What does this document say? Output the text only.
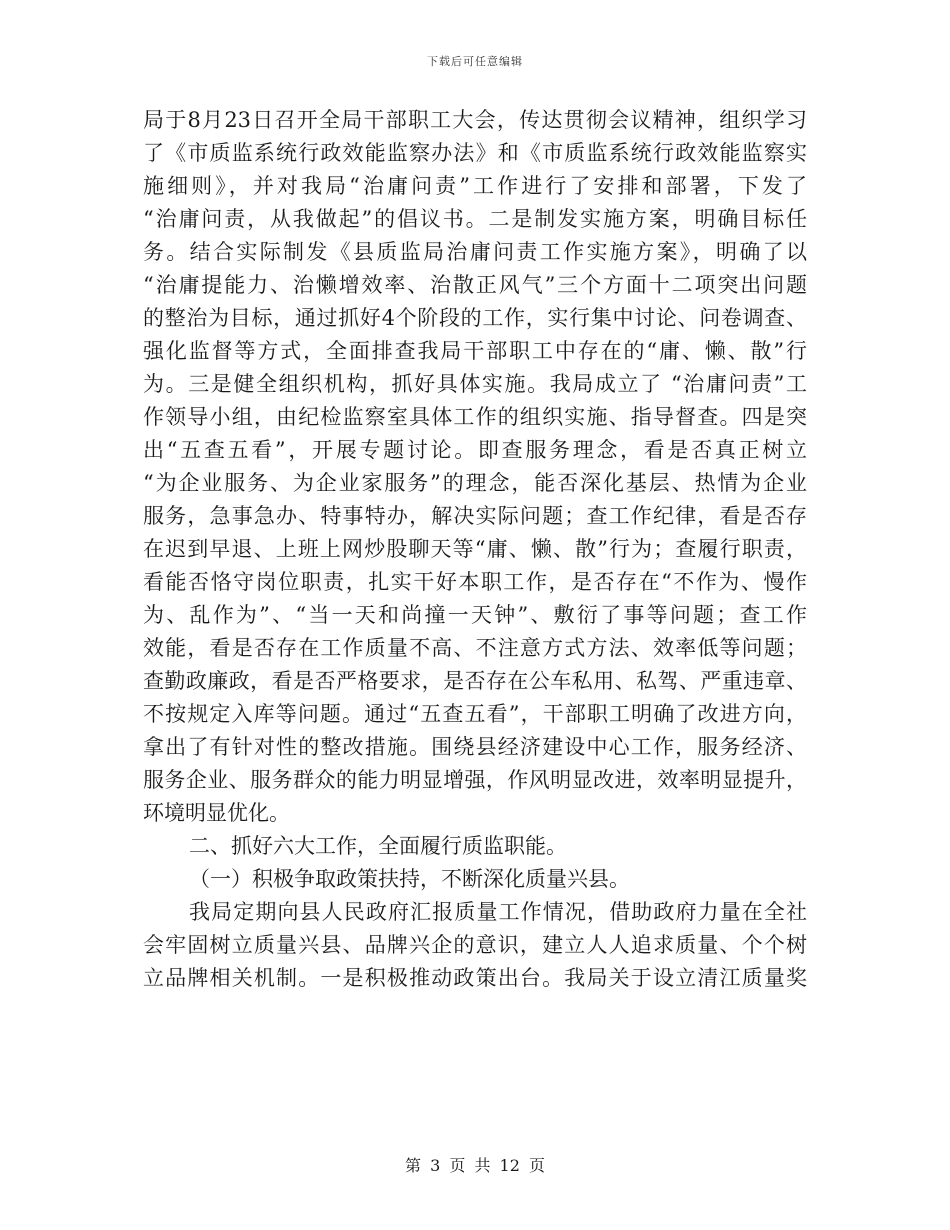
下载后可任意编辑
局于8月23日召开全局干部职工大会，传达贯彻会议精神，组织学习
了《市质监系统行政效能监察办法》和《市质监系统行政效能监察实
施细则》，并对我局“治庸问责”工作进行了安排和部署，下发了
“治庸问责，从我做起”的倡议书。二是制发实施方案，明确目标任
务。结合实际制发《县质监局治庸问责工作实施方案》，明确了以
“治庸提能力、治懒增效率、治散正风气”三个方面十二项突出问题
的整治为目标，通过抓好4个阶段的工作，实行集中讨论、问卷调查、
强化监督等方式，全面排查我局干部职工中存在的“庸、懒、散”行
为。三是健全组织机构，抓好具体实施。我局成立了 “治庸问责”工
作领导小组，由纪检监察室具体工作的组织实施、指导督查。四是突
出“五查五看”，开展专题讨论。即查服务理念，看是否真正树立
“为企业服务、为企业家服务”的理念，能否深化基层、热情为企业
服务，急事急办、特事特办，解决实际问题；查工作纪律，看是否存
在迟到早退、上班上网炒股聊天等“庸、懒、散”行为；查履行职责，
看能否恪守岗位职责，扎实干好本职工作，是否存在“不作为、慢作
为、乱作为”、“当一天和尚撞一天钟”、敷衍了事等问题；查工作
效能，看是否存在工作质量不高、不注意方式方法、效率低等问题；
查勤政廉政，看是否严格要求，是否存在公车私用、私驾、严重违章、
不按规定入库等问题。通过“五查五看”，干部职工明确了改进方向，
拿出了有针对性的整改措施。围绕县经济建设中心工作，服务经济、
服务企业、服务群众的能力明显增强，作风明显改进，效率明显提升，
环境明显优化。
二、抓好六大工作，全面履行质监职能。
（一）积极争取政策扶持，不断深化质量兴县。
我局定期向县人民政府汇报质量工作情况，借助政府力量在全社
会牢固树立质量兴县、品牌兴企的意识，建立人人追求质量、个个树
立品牌相关机制。一是积极推动政策出台。我局关于设立清江质量奖
第 3 页 共 12 页
